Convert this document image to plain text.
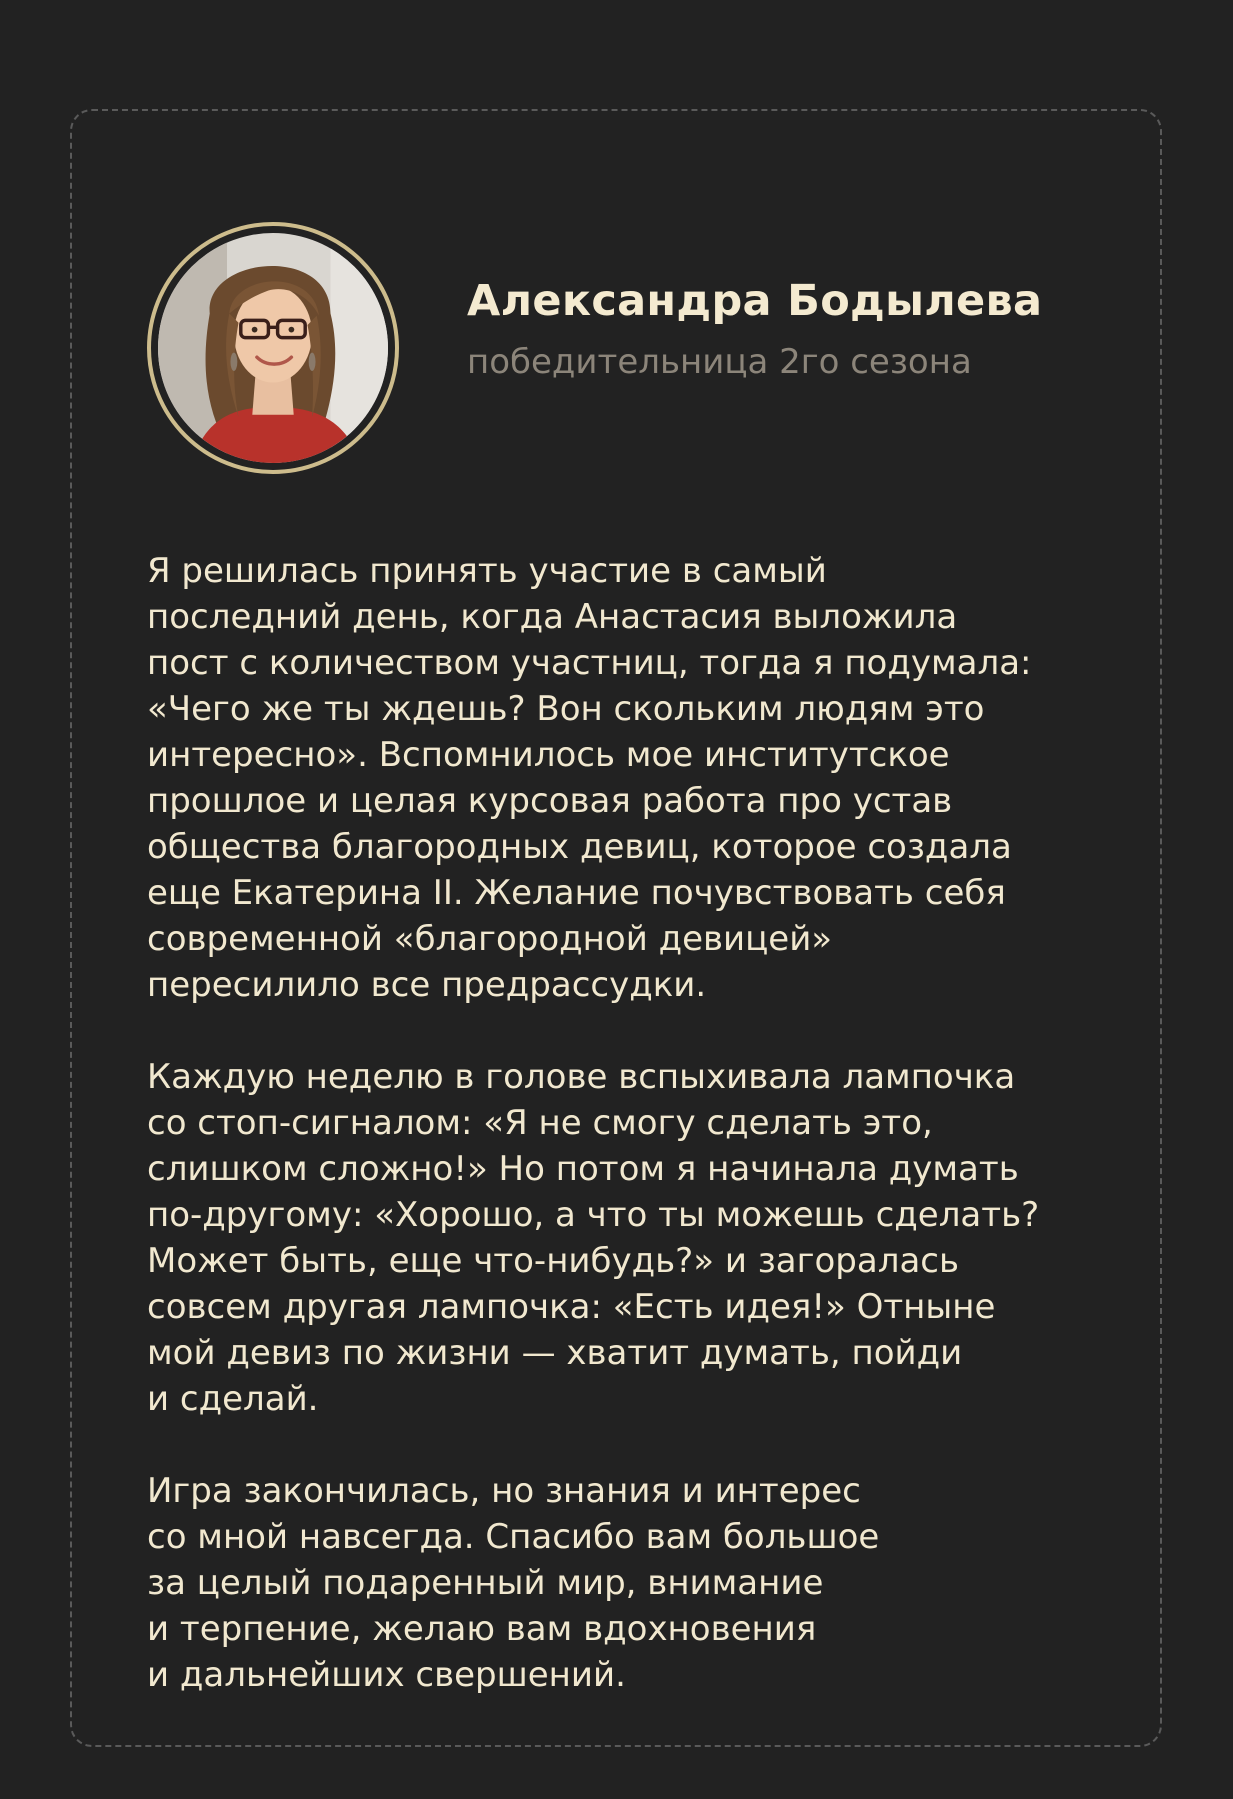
Александра Бодылева
победительница 2го сезона

Я решилась принять участие в самый
последний день, когда Анастасия выложила
пост с количеством участниц, тогда я подумала:
«Чего же ты ждешь? Вон скольким людям это
интересно». Вспомнилось мое институтское
прошлое и целая курсовая работа про устав
общества благородных девиц, которое создала
еще Екатерина II. Желание почувствовать себя
современной «благородной девицей»
пересилило все предрассудки.

Каждую неделю в голове вспыхивала лампочка
со стоп-сигналом: «Я не смогу сделать это,
слишком сложно!» Но потом я начинала думать
по-другому: «Хорошо, а что ты можешь сделать?
Может быть, еще что-нибудь?» и загоралась
совсем другая лампочка: «Есть идея!» Отныне
мой девиз по жизни — хватит думать, пойди
и сделай.

Игра закончилась, но знания и интерес
со мной навсегда. Спасибо вам большое
за целый подаренный мир, внимание
и терпение, желаю вам вдохновения
и дальнейших свершений.
